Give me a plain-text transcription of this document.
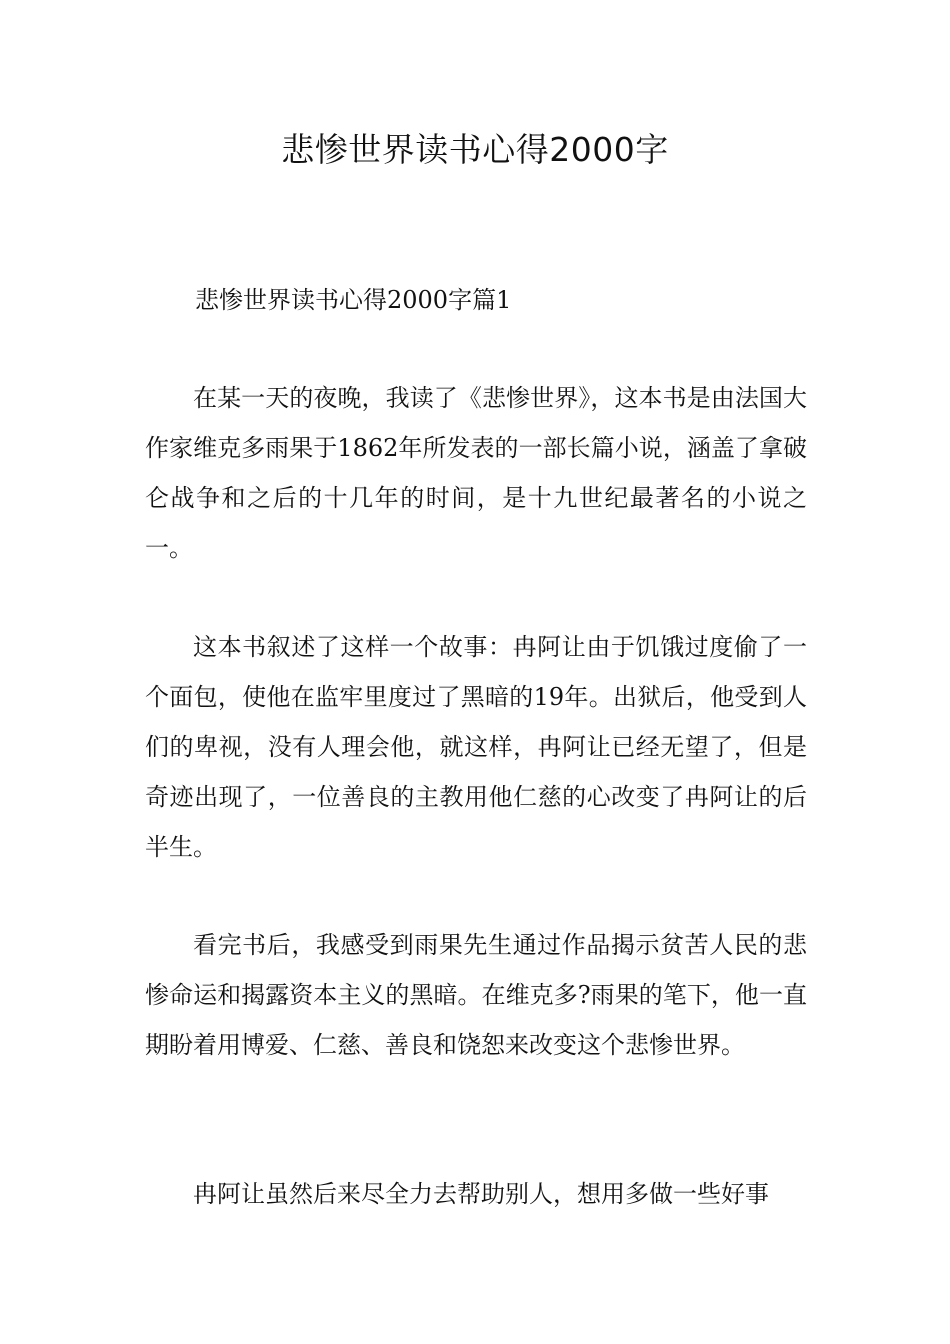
悲惨世界读书心得2000字
悲惨世界读书心得2000字篇1

在某一天的夜晚，我读了《悲惨世界》，这本书是由法国大作家维克多雨果于1862年所发表的一部长篇小说，涵盖了拿破仑战争和之后的十几年的时间，是十九世纪最著名的小说之一。

这本书叙述了这样一个故事：冉阿让由于饥饿过度偷了一个面包，使他在监牢里度过了黑暗的19年。出狱后，他受到人们的卑视，没有人理会他，就这样，冉阿让已经无望了，但是奇迹出现了，一位善良的主教用他仁慈的心改变了冉阿让的后半生。

看完书后，我感受到雨果先生通过作品揭示贫苦人民的悲惨命运和揭露资本主义的黑暗。在维克多?雨果的笔下，他一直期盼着用博爱、仁慈、善良和饶恕来改变这个悲惨世界。

冉阿让虽然后来尽全力去帮助别人，想用多做一些好事
